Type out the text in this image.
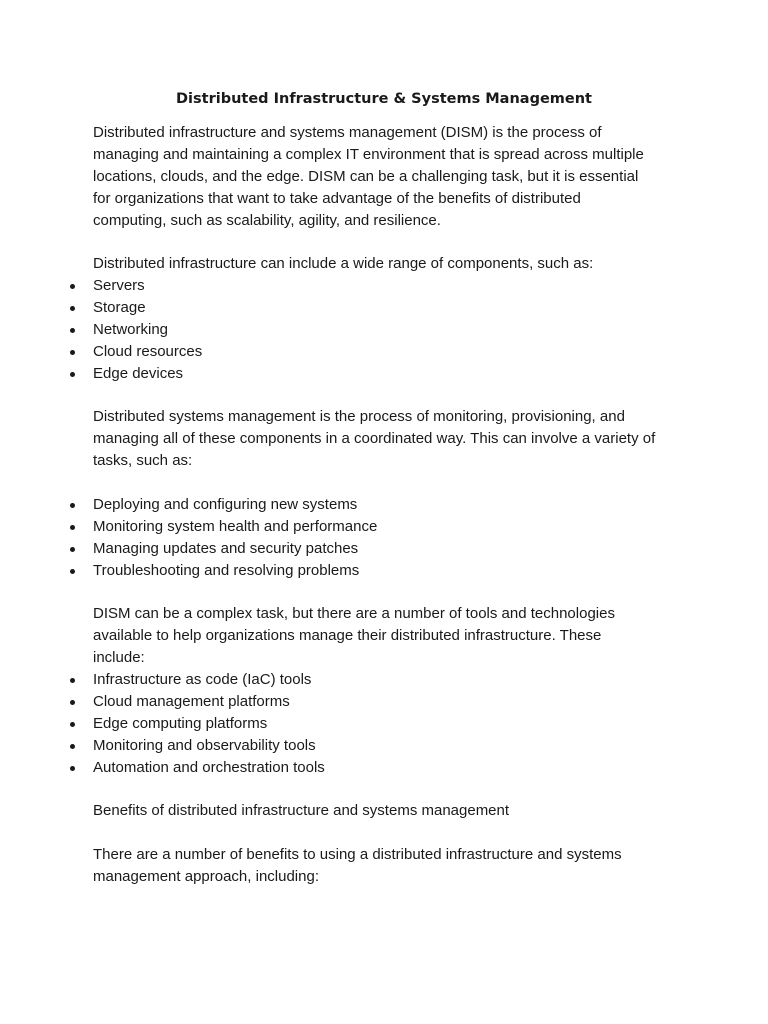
Distributed Infrastructure & Systems Management
Distributed infrastructure and systems management (DISM) is the process of
managing and maintaining a complex IT environment that is spread across multiple
locations, clouds, and the edge. DISM can be a challenging task, but it is essential
for organizations that want to take advantage of the benefits of distributed
computing, such as scalability, agility, and resilience.
Distributed infrastructure can include a wide range of components, such as:
Servers
Storage
Networking
Cloud resources
Edge devices
Distributed systems management is the process of monitoring, provisioning, and
managing all of these components in a coordinated way. This can involve a variety of
tasks, such as:
Deploying and configuring new systems
Monitoring system health and performance
Managing updates and security patches
Troubleshooting and resolving problems
DISM can be a complex task, but there are a number of tools and technologies
available to help organizations manage their distributed infrastructure. These
include:
Infrastructure as code (IaC) tools
Cloud management platforms
Edge computing platforms
Monitoring and observability tools
Automation and orchestration tools
Benefits of distributed infrastructure and systems management
There are a number of benefits to using a distributed infrastructure and systems
management approach, including:
